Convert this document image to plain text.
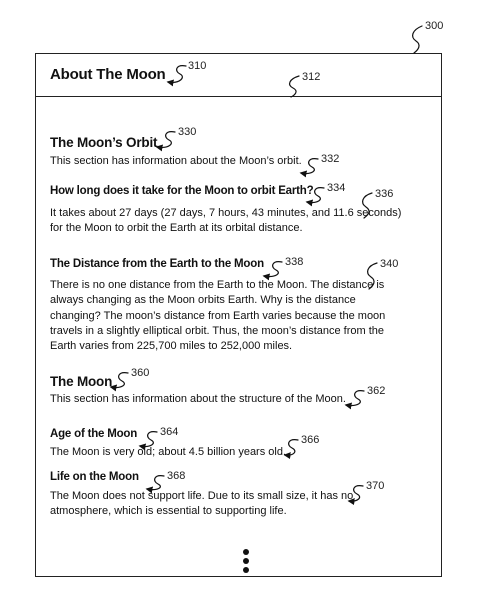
About The Moon
The Moon’s Orbit
This section has information about the Moon’s orbit.
How long does it take for the Moon to orbit Earth?
It takes about 27 days (27 days, 7 hours, 43 minutes, and 11.6 seconds)
for the Moon to orbit the Earth at its orbital distance.
The Distance from the Earth to the Moon
There is no one distance from the Earth to the Moon. The distance is
always changing as the Moon orbits Earth. Why is the distance
changing? The moon’s distance from Earth varies because the moon
travels in a slightly elliptical orbit. Thus, the moon’s distance from the
Earth varies from 225,700 miles to 252,000 miles.
The Moon
This section has information about the structure of the Moon.
Age of the Moon
The Moon is very old; about 4.5 billion years old.
Life on the Moon
The Moon does not support life. Due to its small size, it has no
atmosphere, which is essential to supporting life.
300
310
312
330
332
334	336
338	340
360
362
364
366
368
370
